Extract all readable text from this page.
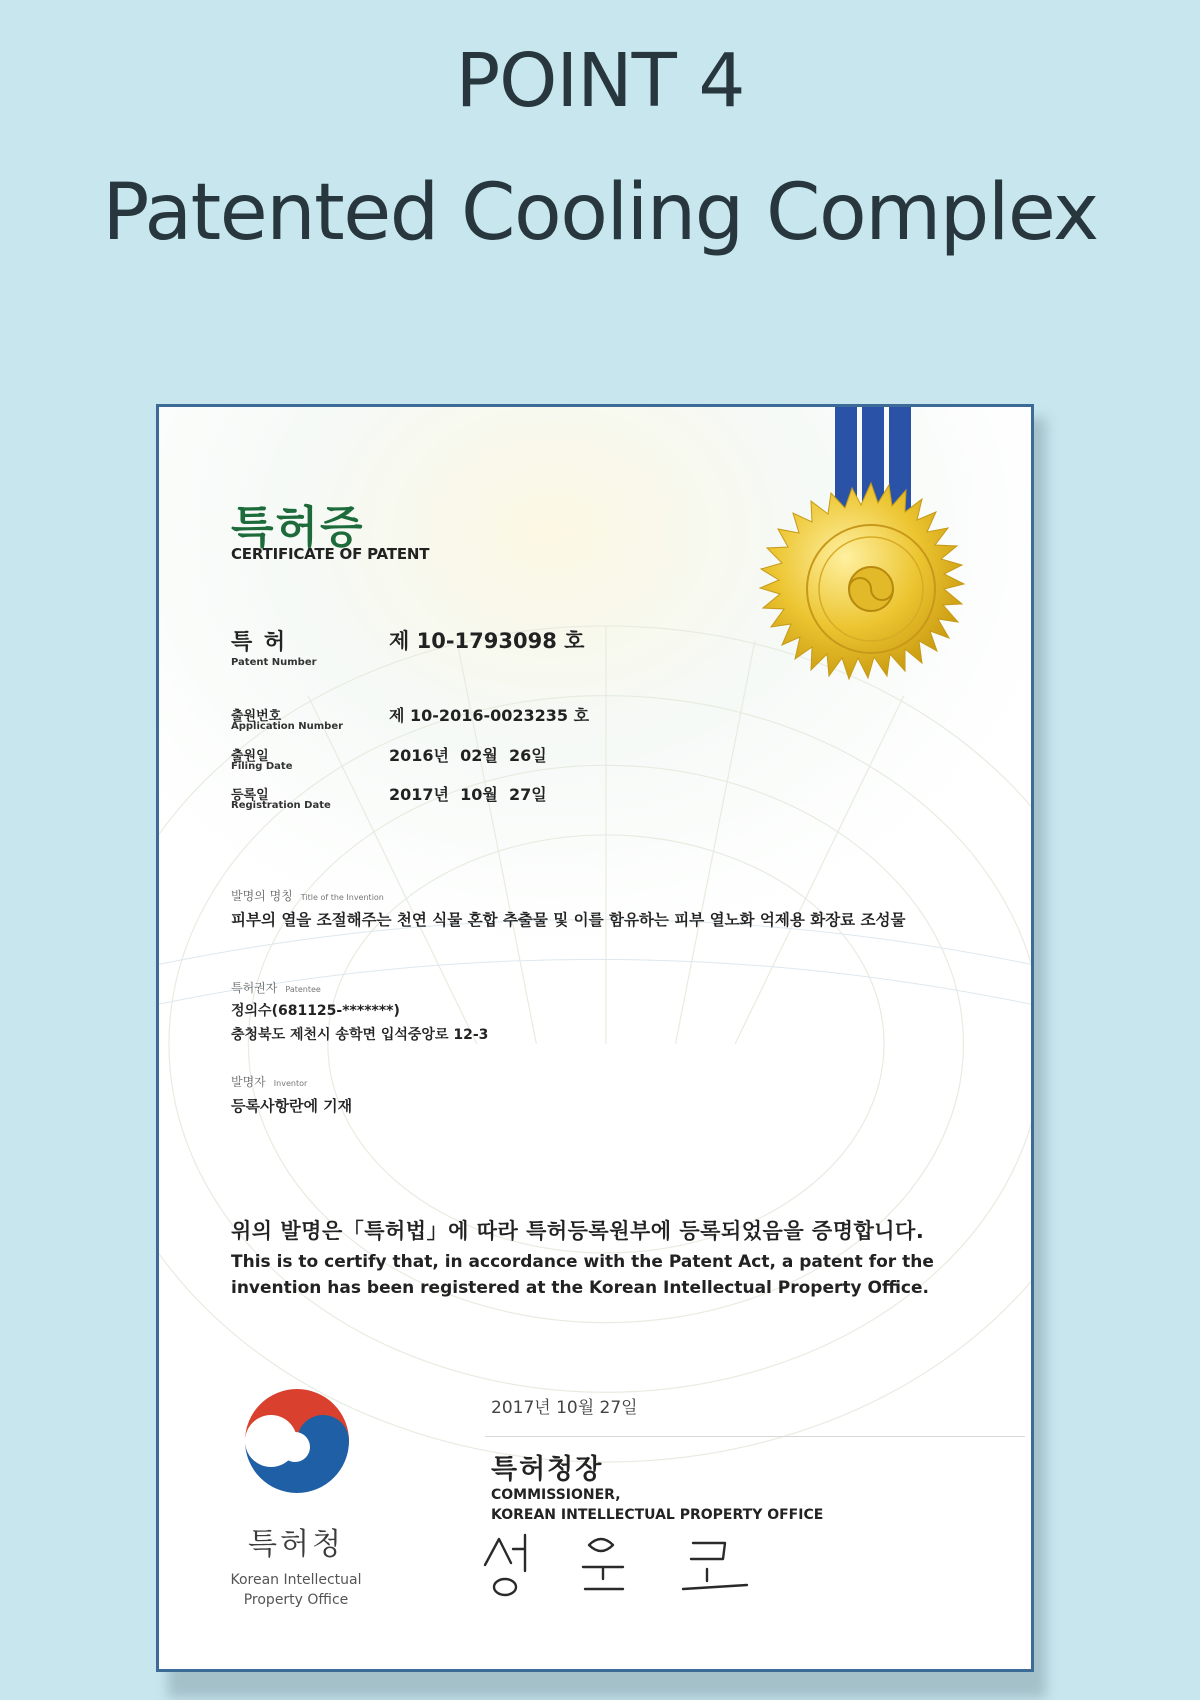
POINT 4
Patented Cooling Complex
특허증
CERTIFICATE OF PATENT
특 허
Patent Number
제 10-1793098 호
출원번호
Application Number
제 10-2016-0023235 호
출원일
Filing Date
2016년  02월  26일
등록일
Registration Date
2017년  10월  27일
발명의 명칭 Title of the Invention
피부의 열을 조절해주는 천연 식물 혼합 추출물 및 이를 함유하는 피부 열노화 억제용 화장료 조성물
특허권자 Patentee
정의수(681125-*******)
충청북도 제천시 송학면 입석중앙로 12-3
발명자 Inventor
등록사항란에 기재
위의 발명은「특허법」에 따라 특허등록원부에 등록되었음을 증명합니다.
This is to certify that, in accordance with the Patent Act, a patent for the invention has been registered at the Korean Intellectual Property Office.
특허청
Korean Intellectual
Property Office
2017년 10월 27일
특허청장
COMMISSIONER,
KOREAN INTELLECTUAL PROPERTY OFFICE
